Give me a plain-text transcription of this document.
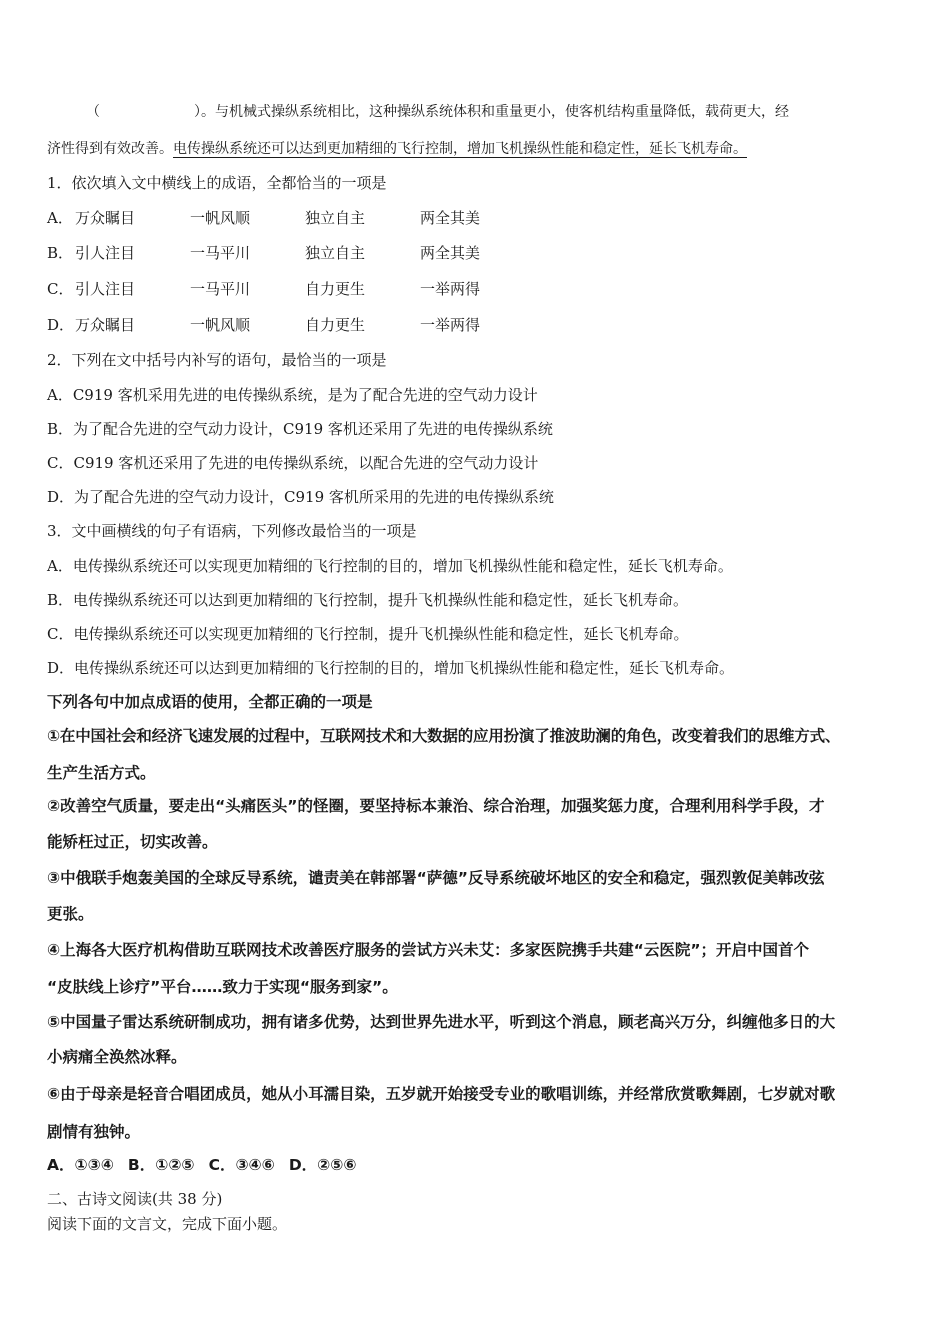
（	）。与机械式操纵系统相比，这种操纵系统体积和重量更小，使客机结构重量降低，载荷更大，经
济性得到有效改善。电传操纵系统还可以达到更加精细的飞行控制，增加飞机操纵性能和稳定性，延长飞机寿命。
1．依次填入文中横线上的成语，全都恰当的一项是
A． 万众瞩目	一帆风顺	独立自主	两全其美
B． 引人注目	一马平川	独立自主	两全其美
C． 引人注目	一马平川	自力更生	一举两得
D．万众瞩目	一帆风顺	自力更生	一举两得
2．下列在文中括号内补写的语句，最恰当的一项是
A．C919 客机采用先进的电传操纵系统，是为了配合先进的空气动力设计
B．为了配合先进的空气动力设计，C919 客机还采用了先进的电传操纵系统
C．C919 客机还采用了先进的电传操纵系统，以配合先进的空气动力设计
D．为了配合先进的空气动力设计，C919 客机所采用的先进的电传操纵系统
3．文中画横线的句子有语病，下列修改最恰当的一项是
A．电传操纵系统还可以实现更加精细的飞行控制的目的，增加飞机操纵性能和稳定性，延长飞机寿命。
B．电传操纵系统还可以达到更加精细的飞行控制，提升飞机操纵性能和稳定性，延长飞机寿命。
C．电传操纵系统还可以实现更加精细的飞行控制，提升飞机操纵性能和稳定性，延长飞机寿命。
D．电传操纵系统还可以达到更加精细的飞行控制的目的，增加飞机操纵性能和稳定性，延长飞机寿命。
下列各句中加点成语的使用，全都正确的一项是
①在中国社会和经济飞速发展的过程中，互联网技术和大数据的应用扮演了推波助澜的角色，改变着我们的思维方式、
生产生活方式。
②改善空气质量，要走出“头痛医头”的怪圈，要坚持标本兼治、综合治理，加强奖惩力度，合理利用科学手段，才
能矫枉过正，切实改善。
③中俄联手炮轰美国的全球反导系统，谴责美在韩部署“萨德”反导系统破坏地区的安全和稳定，强烈敦促美韩改弦
更张。
④上海各大医疗机构借助互联网技术改善医疗服务的尝试方兴未艾：多家医院携手共建“云医院”；开启中国首个
“皮肤线上诊疗”平台……致力于实现“服务到家”。
⑤中国量子雷达系统研制成功，拥有诸多优势，达到世界先进水平，听到这个消息，顾老高兴万分，纠缠他多日的大
小病痛全涣然冰释。
⑥由于母亲是轻音合唱团成员，她从小耳濡目染，五岁就开始接受专业的歌唱训练，并经常欣赏歌舞剧，七岁就对歌
剧情有独钟。
A．①③④ B．①②⑤ C．③④⑥ D．②⑤⑥
二、古诗文阅读(共 38 分)
阅读下面的文言文，完成下面小题。
